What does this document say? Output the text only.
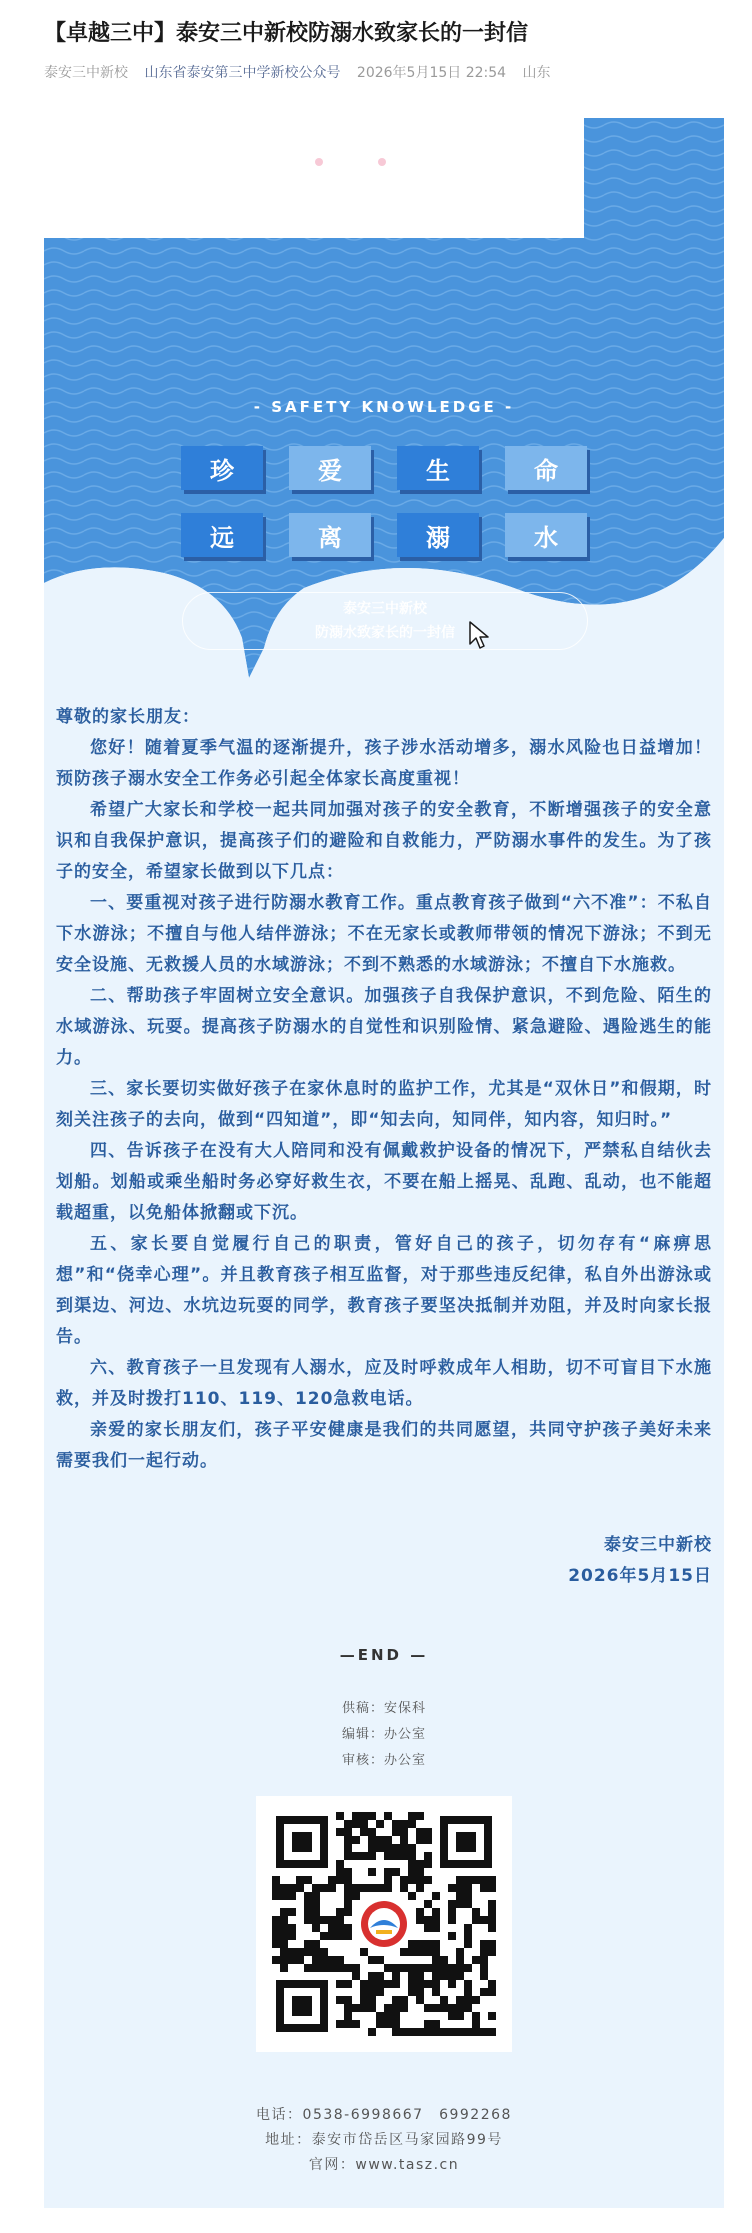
【卓越三中】泰安三中新校防溺水致家长的一封信
泰安三中新校 山东省泰安第三中学新校公众号 2026年5月15日 22:54 山东
- SAFETY KNOWLEDGE -
珍	爱	生	命
远	离	溺	水
泰安三中新校
防溺水致家长的一封信

尊敬的家长朋友：

您好！随着夏季气温的逐渐提升，孩子涉水活动增多，溺水风险也日益增加！预防孩子溺水安全工作务必引起全体家长高度重视！

希望广大家长和学校一起共同加强对孩子的安全教育，不断增强孩子的安全意识和自我保护意识，提高孩子们的避险和自救能力，严防溺水事件的发生。为了孩子的安全，希望家长做到以下几点：

一、要重视对孩子进行防溺水教育工作。重点教育孩子做到“六不准”：不私自下水游泳；不擅自与他人结伴游泳；不在无家长或教师带领的情况下游泳；不到无安全设施、无救援人员的水域游泳；不到不熟悉的水域游泳；不擅自下水施救。

二、帮助孩子牢固树立安全意识。加强孩子自我保护意识，不到危险、陌生的水域游泳、玩耍。提高孩子防溺水的自觉性和识别险情、紧急避险、遇险逃生的能力。

三、家长要切实做好孩子在家休息时的监护工作，尤其是“双休日”和假期，时刻关注孩子的去向，做到“四知道”，即“知去向，知同伴，知内容，知归时。”

四、告诉孩子在没有大人陪同和没有佩戴救护设备的情况下，严禁私自结伙去划船。划船或乘坐船时务必穿好救生衣，不要在船上摇晃、乱跑、乱动，也不能超载超重，以免船体掀翻或下沉。

五、家长要自觉履行自己的职责，管好自己的孩子，切勿存有“麻痹思想”和“侥幸心理”。并且教育孩子相互监督，对于那些违反纪律，私自外出游泳或到渠边、河边、水坑边玩耍的同学，教育孩子要坚决抵制并劝阻，并及时向家长报告。

六、教育孩子一旦发现有人溺水，应及时呼救成年人相助，切不可盲目下水施救，并及时拨打110、119、120急救电话。

亲爱的家长朋友们，孩子平安健康是我们的共同愿望，共同守护孩子美好未来需要我们一起行动。

泰安三中新校
2026年5月15日
—END —
供稿：安保科
编辑：办公室
审核：办公室
电话：0538-6998667　6992268
地址：泰安市岱岳区马家园路99号
官网：www.tasz.cn
